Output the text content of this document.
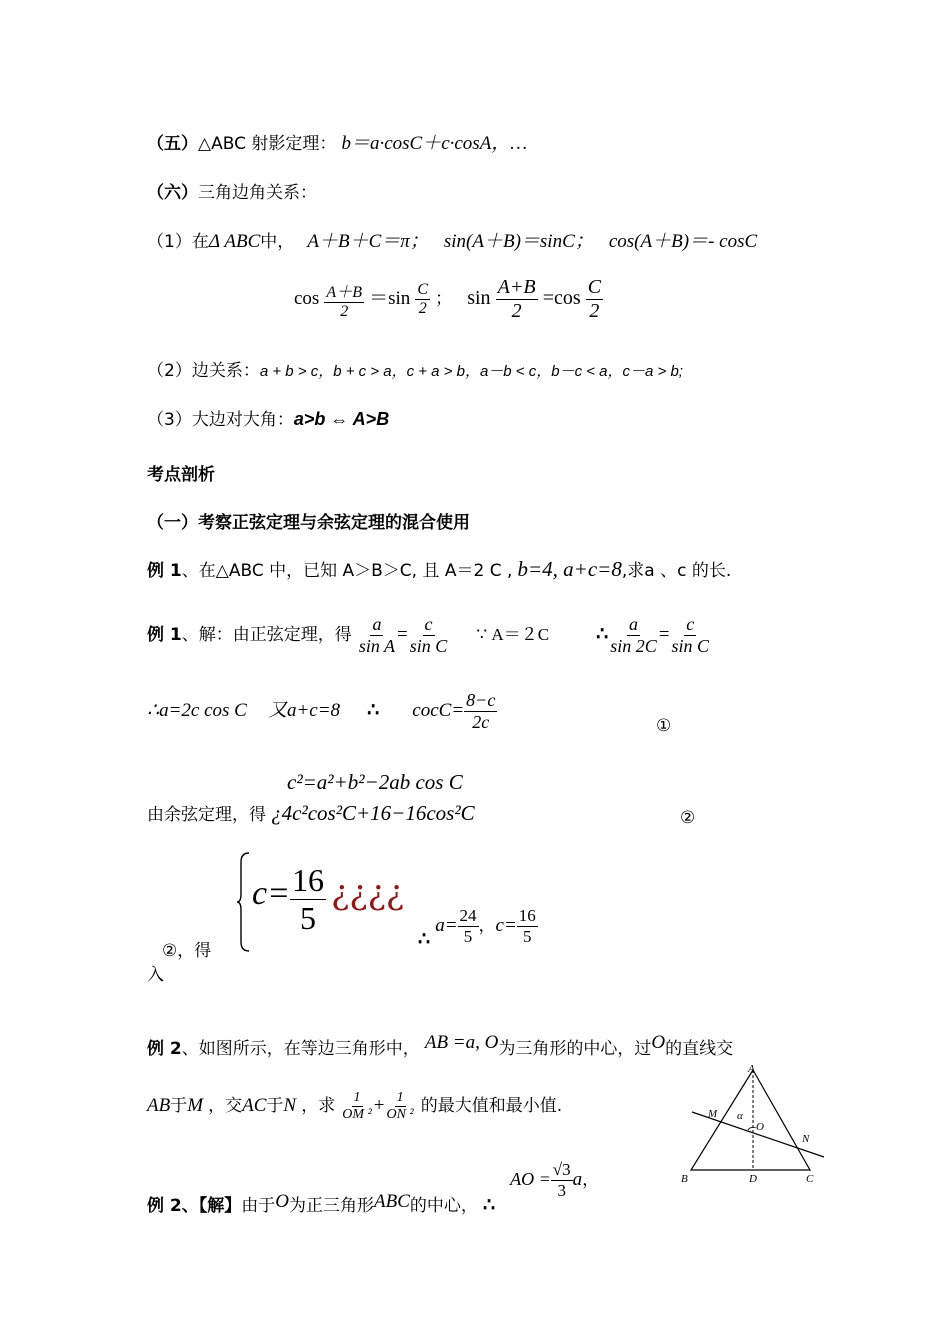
（五）△ABC 射影定理： b＝a·cosC＋c·cosA，…
（六）三角边角关系：
（1）在Δ ABC中， A＋B＋C＝π； sin(A＋B)＝sinC； cos(A＋B)＝- cosC
$\cos \frac{A+B}{2} =\sin \frac{C}{2}$ ； $\sin \frac{A+B}{2} =\cos \frac{C}{2}$
（2）边关系：a + b > c，b + c > a，c + a > b，a－b < c，b－c < a，c－a > b;
（3）大边对大角：a>b ⇔ A>B
考点剖析
（一）考察正弦定理与余弦定理的混合使用
例 1、在△ABC 中，已知 A＞B＞C, 且 A＝2 C , b=4, a+c=8,求a 、c 的长.
例 1、解：由正弦定理，得 $\frac{a}{\text{sin A}} = \frac{c}{\text{sin C}}$ ∵ A＝２C ∴ $\frac{a}{\sin 2C} = \frac{c}{\text{sin C}}$
∴a=2c cos C 又a+c=8 ∴ cocC= $\frac{8-c}{2c}$	①
c²=a²+b²−2ab cos C
由余弦定理，得 ¿4c²cos²C+16−16cos²C	②
$c= \frac{16}{5}$ ¿¿¿¿
②，得
入
∴ $a= \frac{24}{5}$ ，$c= \frac{16}{5}$
例 2、如图所示，在等边三角形中， AB =a, O为三角形的中心，过O的直线交
AB于M ，交AC于N ，求 $\frac{1}{\text{OM ²}} + \frac{1}{\text{ON ²}}$ 的最大值和最小值.
A
B	C
D
M
N
O
α
例 2、【解】由于O为正三角形ABC的中心， ∴ AO = $\frac{√3}{3}$ a，
